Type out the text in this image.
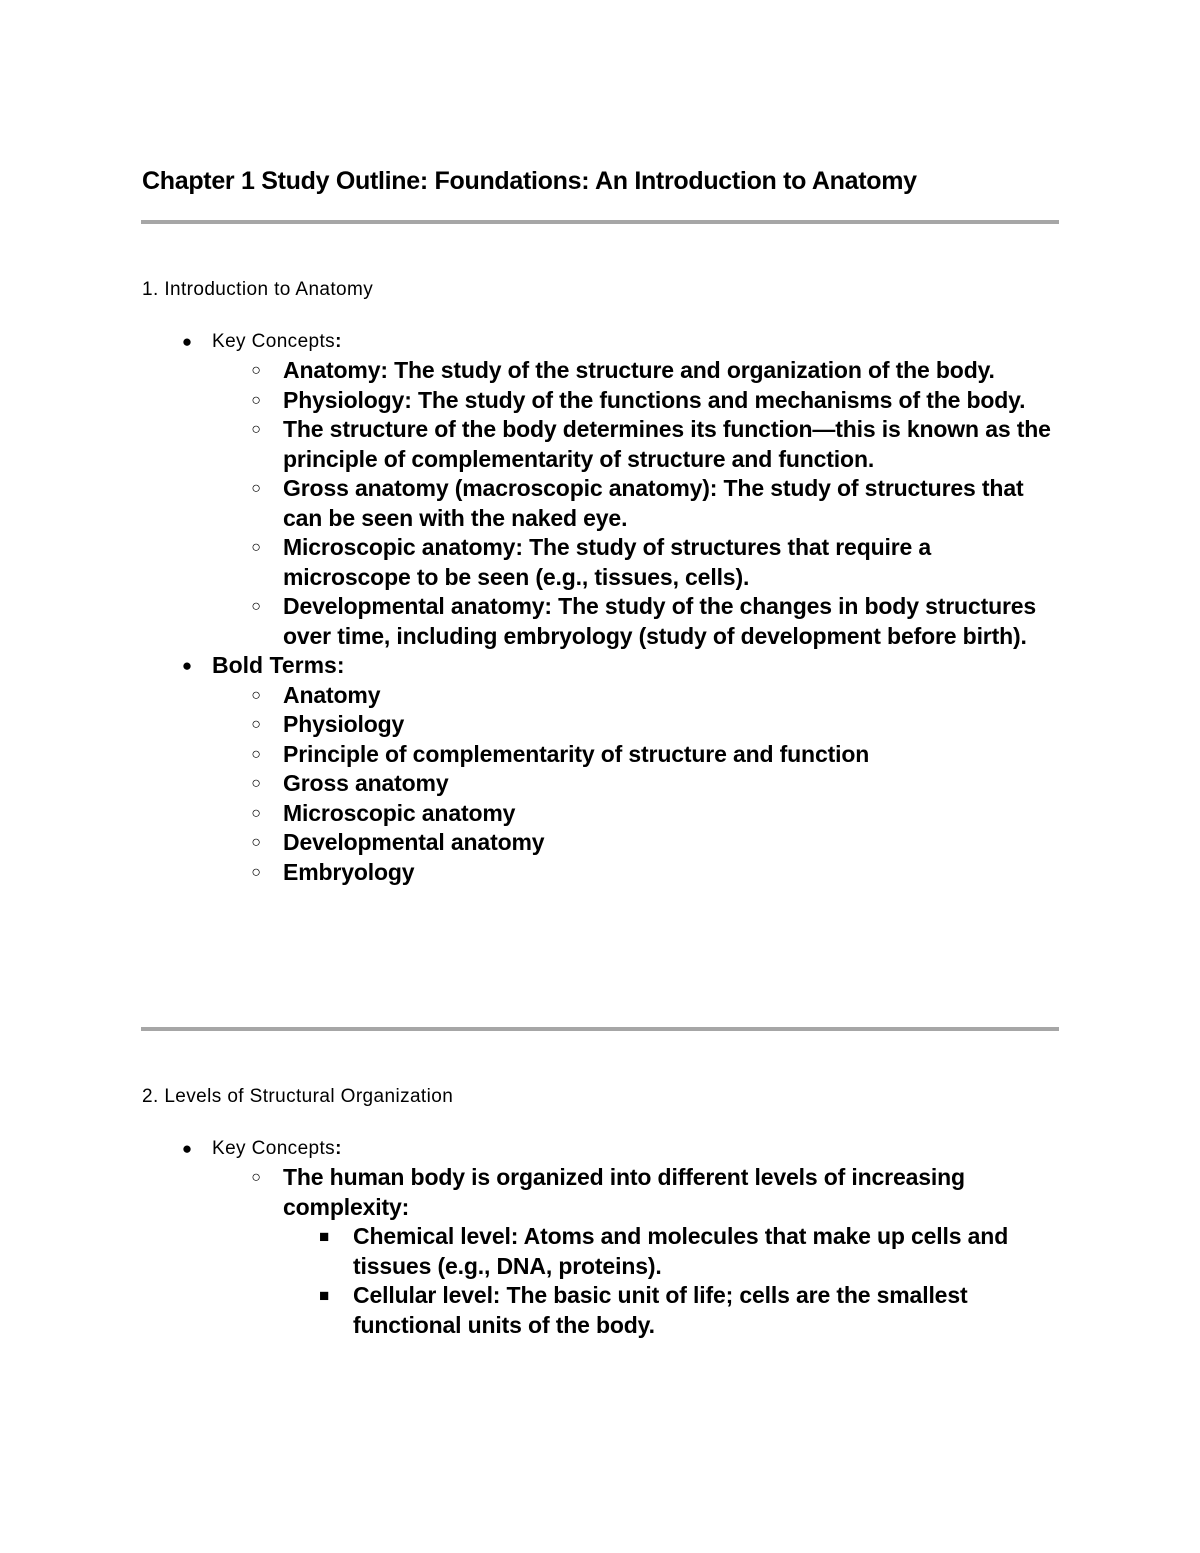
Chapter 1 Study Outline: Foundations: An Introduction to Anatomy
1. Introduction to Anatomy
● Key Concepts:
○ Anatomy: The study of the structure and organization of the body.
○ Physiology: The study of the functions and mechanisms of the body.
○ The structure of the body determines its function—this is known as the principle of complementarity of structure and function.
○ Gross anatomy (macroscopic anatomy): The study of structures that can be seen with the naked eye.
○ Microscopic anatomy: The study of structures that require a microscope to be seen (e.g., tissues, cells).
○ Developmental anatomy: The study of the changes in body structures over time, including embryology (study of development before birth).
● Bold Terms:
○ Anatomy
○ Physiology
○ Principle of complementarity of structure and function
○ Gross anatomy
○ Microscopic anatomy
○ Developmental anatomy
○ Embryology
2. Levels of Structural Organization
● Key Concepts:
○ The human body is organized into different levels of increasing complexity:
■ Chemical level: Atoms and molecules that make up cells and tissues (e.g., DNA, proteins).
■ Cellular level: The basic unit of life; cells are the smallest functional units of the body.
